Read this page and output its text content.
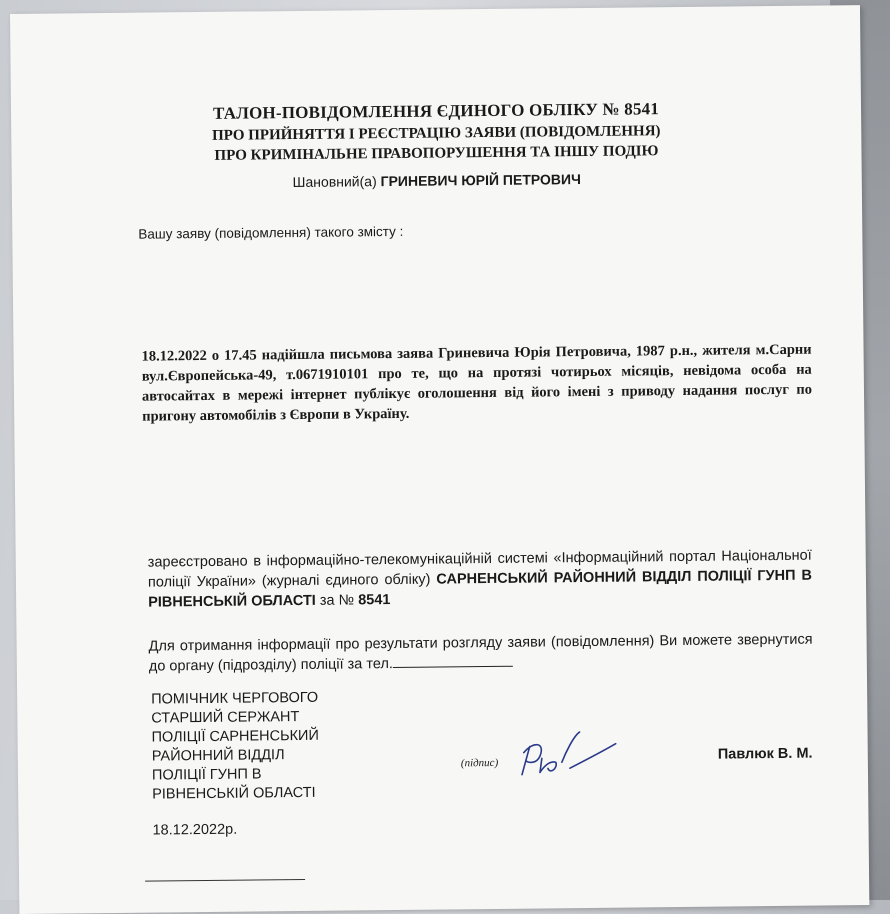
ТАЛОН-ПОВІДОМЛЕННЯ ЄДИНОГО ОБЛІКУ № 8541
ПРО ПРИЙНЯТТЯ І РЕЄСТРАЦІЮ ЗАЯВИ (ПОВІДОМЛЕННЯ)
ПРО КРИМІНАЛЬНЕ ПРАВОПОРУШЕННЯ ТА ІНШУ ПОДІЮ
Шановний(а) ГРИНЕВИЧ ЮРІЙ ПЕТРОВИЧ
Вашу заяву (повідомлення) такого змісту :
18.12.2022 о 17.45 надійшла письмова заява Гриневича Юрія Петровича, 1987 р.н., жителя м.Сарни вул.Європейська-49, т.0671910101 про те, що на протязі чотирьох місяців, невідома особа на автосайтах в мережі інтернет публікує оголошення від його імені з приводу надання послуг по пригону автомобілів з Європи в Україну.
зареєстровано в інформаційно-телекомунікаційній системі «Інформаційний портал Національної поліції України» (журналі єдиного обліку) САРНЕНСЬКИЙ РАЙОННИЙ ВІДДІЛ ПОЛІЦІЇ ГУНП В РІВНЕНСЬКІЙ ОБЛАСТІ за № 8541
Для отримання інформації про результати розгляду заяви (повідомлення) Ви можете звернутися до органу (підрозділу) поліції за тел.
ПОМІЧНИК ЧЕРГОВОГО
СТАРШИЙ СЕРЖАНТ
ПОЛІЦІЇ САРНЕНСЬКИЙ
РАЙОННИЙ ВІДДІЛ
ПОЛІЦІЇ ГУНП В
РІВНЕНСЬКІЙ ОБЛАСТІ
(підпис)
Павлюк В. М.
18.12.2022р.
